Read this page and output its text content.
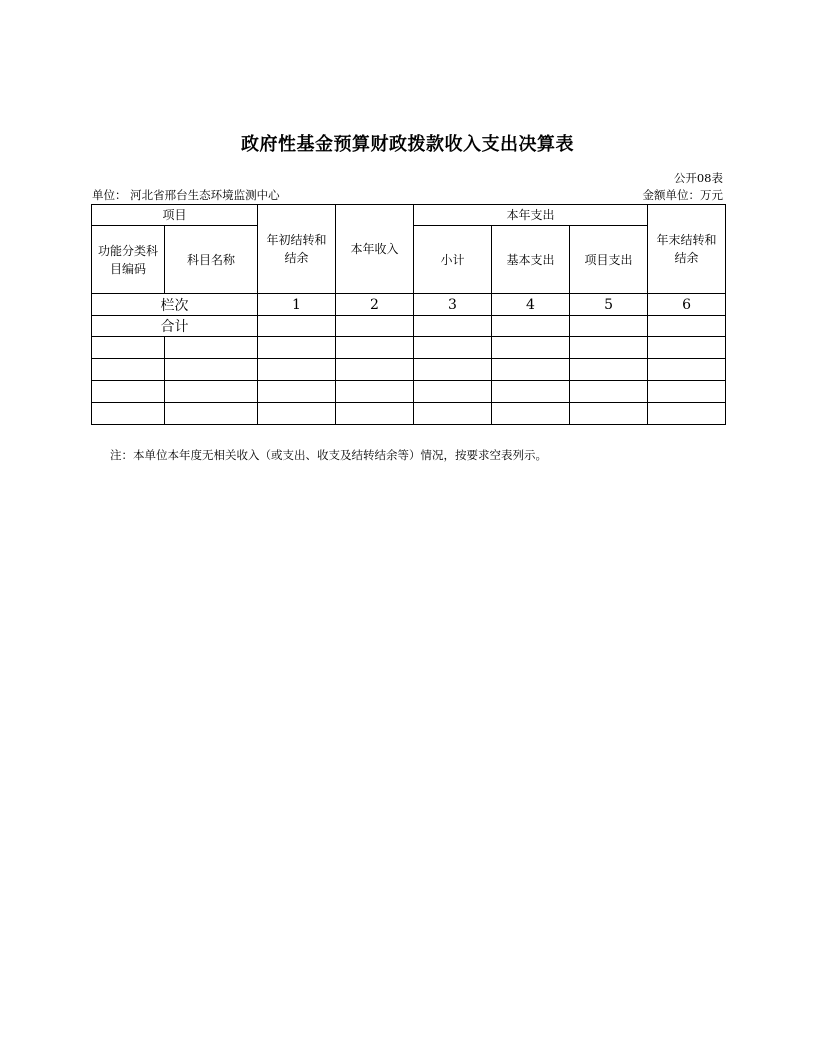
政府性基金预算财政拨款收入支出决算表
公开08表
单位： 河北省邢台生态环境监测中心	金额单位：万元
项目		年初结转和结余	本年收入	本年支出			年末结转和结余
功能分类科目编码	科目名称			小计	基本支出	项目支出	
栏次		1	2	3	4	5	6
合计							

注：本单位本年度无相关收入（或支出、收支及结转结余等）情况，按要求空表列示。
